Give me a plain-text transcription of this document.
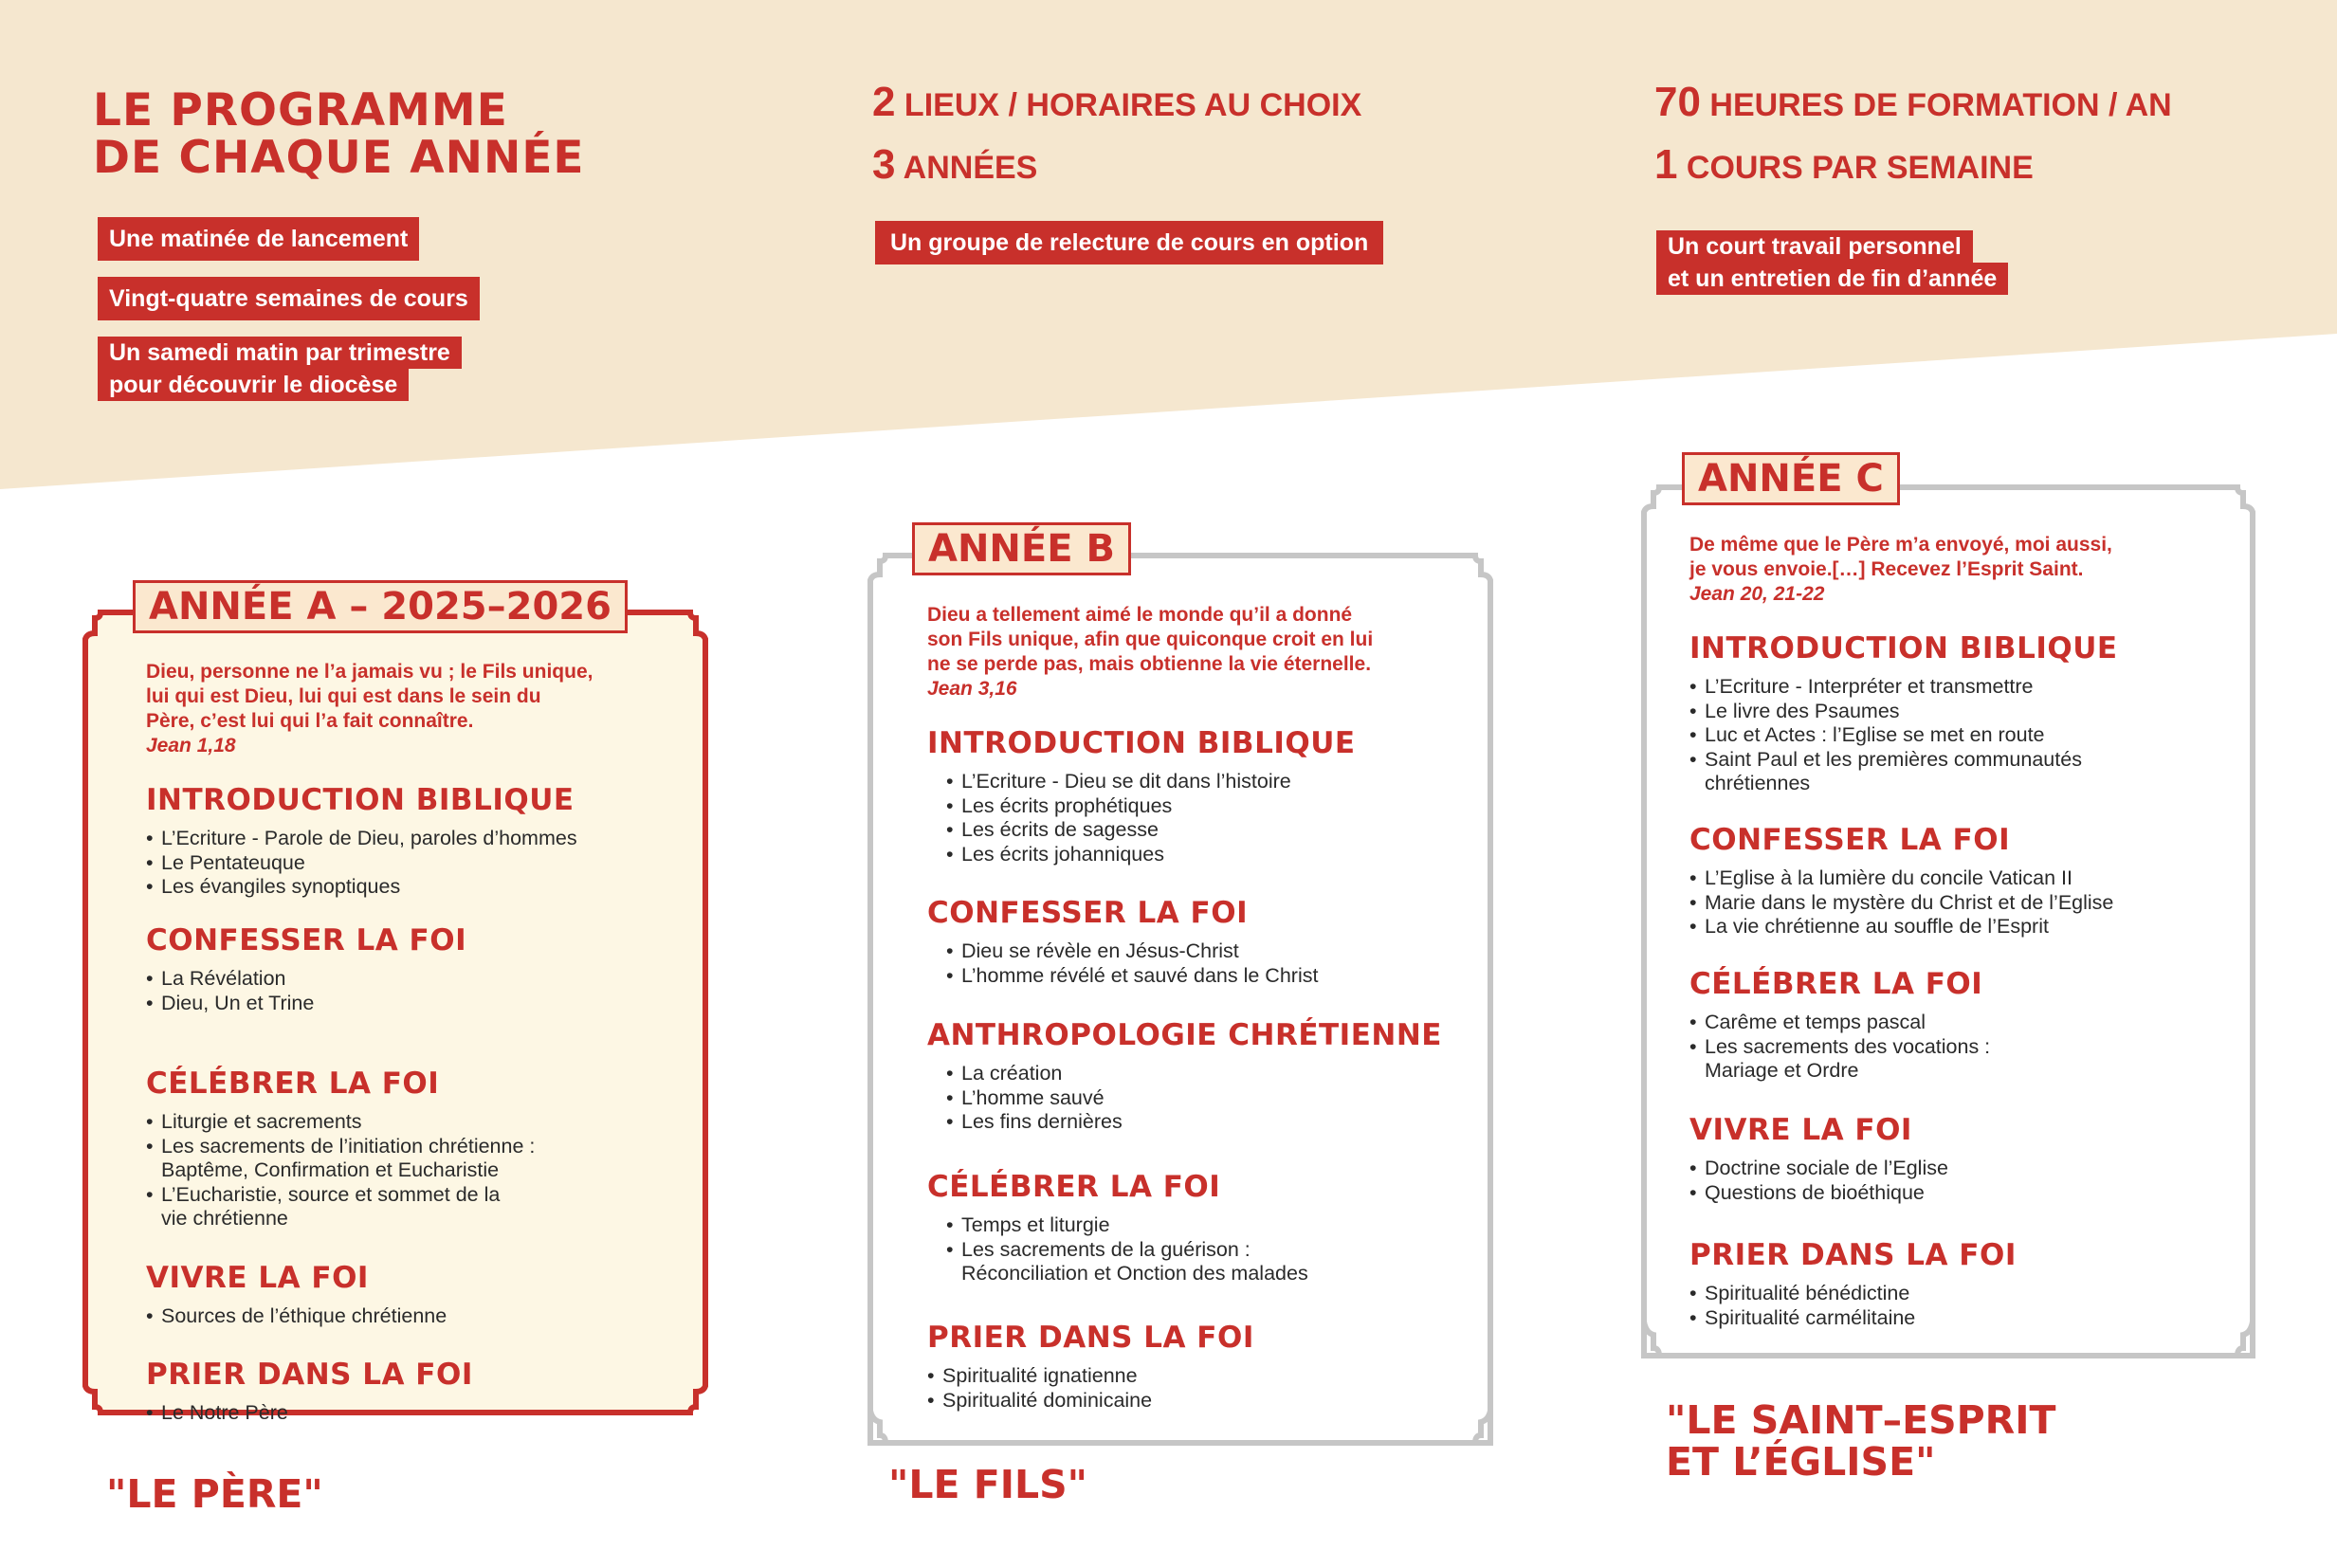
LE PROGRAMME
DE CHAQUE ANNÉE
Une matinée de lancement
Vingt-quatre semaines de cours
Un samedi matin par trimestre
pour découvrir le diocèse

2 LIEUX / HORAIRES AU CHOIX

3 ANNÉES

Un groupe de relecture de cours en option

70 HEURES DE FORMATION / AN

1 COURS PAR SEMAINE

Un court travail personnel
et un entretien de fin d’année
ANNÉE A – 2025–2026

Dieu, personne ne l’a jamais vu ; le Fils unique,
lui qui est Dieu, lui qui est dans le sein du
Père, c’est lui qui l’a fait connaître.
Jean 1,18

INTRODUCTION BIBLIQUE
• L’Ecriture - Parole de Dieu, paroles d’hommes
• Le Pentateuque
• Les évangiles synoptiques
CONFESSER LA FOI
• La Révélation
• Dieu, Un et Trine
CÉLÉBRER LA FOI
• Liturgie et sacrements
• Les sacrements de l’initiation chrétienne :
Baptême, Confirmation et Eucharistie
• L’Eucharistie, source et sommet de la
vie chrétienne
VIVRE LA FOI
• Sources de l’éthique chrétienne
PRIER DANS LA FOI
• Le Notre Père

"LE PÈRE"

ANNÉE B

Dieu a tellement aimé le monde qu’il a donné
son Fils unique, afin que quiconque croit en lui
ne se perde pas, mais obtienne la vie éternelle.
Jean 3,16

INTRODUCTION BIBLIQUE
• L’Ecriture - Dieu se dit dans l’histoire
• Les écrits prophétiques
• Les écrits de sagesse
• Les écrits johanniques
CONFESSER LA FOI
• Dieu se révèle en Jésus-Christ
• L’homme révélé et sauvé dans le Christ
ANTHROPOLOGIE CHRÉTIENNE
• La création
• L’homme sauvé
• Les fins dernières
CÉLÉBRER LA FOI
• Temps et liturgie
• Les sacrements de la guérison :
Réconciliation et Onction des malades
PRIER DANS LA FOI
• Spiritualité ignatienne
• Spiritualité dominicaine

"LE FILS"

ANNÉE C

De même que le Père m’a envoyé, moi aussi,
je vous envoie.[…] Recevez l’Esprit Saint.
Jean 20, 21-22

INTRODUCTION BIBLIQUE
• L’Ecriture - Interpréter et transmettre
• Le livre des Psaumes
• Luc et Actes : l’Eglise se met en route
• Saint Paul et les premières communautés
chrétiennes
CONFESSER LA FOI
• L’Eglise à la lumière du concile Vatican II
• Marie dans le mystère du Christ et de l’Eglise
• La vie chrétienne au souffle de l’Esprit
CÉLÉBRER LA FOI
• Carême et temps pascal
• Les sacrements des vocations :
Mariage et Ordre
VIVRE LA FOI
• Doctrine sociale de l’Eglise
• Questions de bioéthique
PRIER DANS LA FOI
• Spiritualité bénédictine
• Spiritualité carmélitaine

"LE SAINT–ESPRIT
ET L’ÉGLISE"
